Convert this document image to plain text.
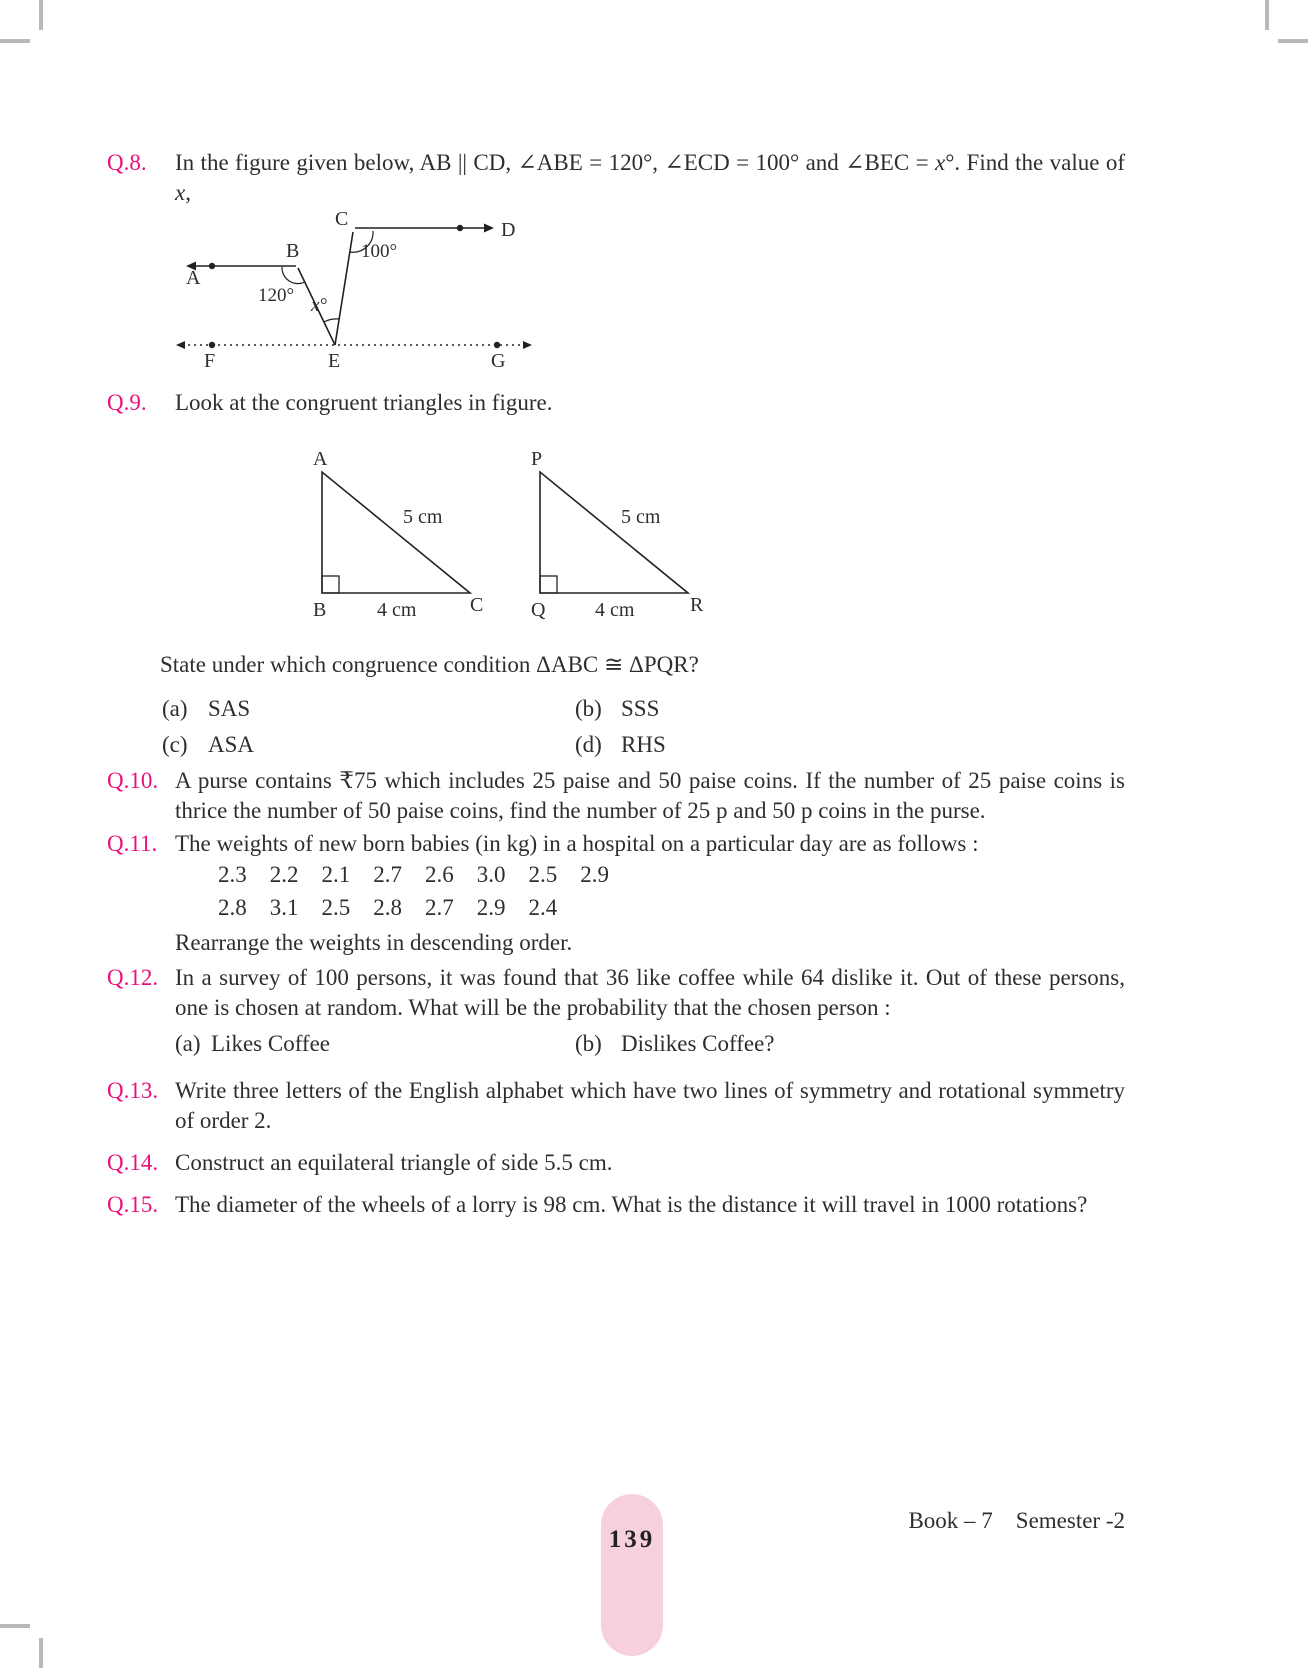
Q.8.	In the figure given below, AB || CD, ∠ABE = 120°, ∠ECD = 100° and ∠BEC = x°. Find the value of x,
C	D
B
A
100°
120° x°
F	E	G
Q.9.	Look at the congruent triangles in figure.
A
5 cm
B	4 cm	C
P
5 cm
Q 4 cm	R
State under which congruence condition ΔABC ≅ ΔPQR?
(a) SAS	(b) SSS
(c) ASA	(d) RHS
Q.10. A purse contains ₹75 which includes 25 paise and 50 paise coins. If the number of 25 paise coins is thrice the number of 50 paise coins, find the number of 25 p and 50 p coins in the purse.
Q.11. The weights of new born babies (in kg) in a hospital on a particular day are as follows :
2.3    2.2    2.1    2.7    2.6    3.0    2.5    2.9
2.8    3.1    2.5    2.8    2.7    2.9    2.4
Rearrange the weights in descending order.
Q.12. In a survey of 100 persons, it was found that 36 like coffee while 64 dislike it. Out of these persons, one is chosen at random. What will be the probability that the chosen person :
(a) Likes Coffee	(b) Dislikes Coffee?
Q.13. Write three letters of the English alphabet which have two lines of symmetry and rotational symmetry of order 2.
Q.14. Construct an equilateral triangle of side 5.5 cm.
Q.15. The diameter of the wheels of a lorry is 98 cm. What is the distance it will travel in 1000 rotations?
139
Book – 7    Semester -2
